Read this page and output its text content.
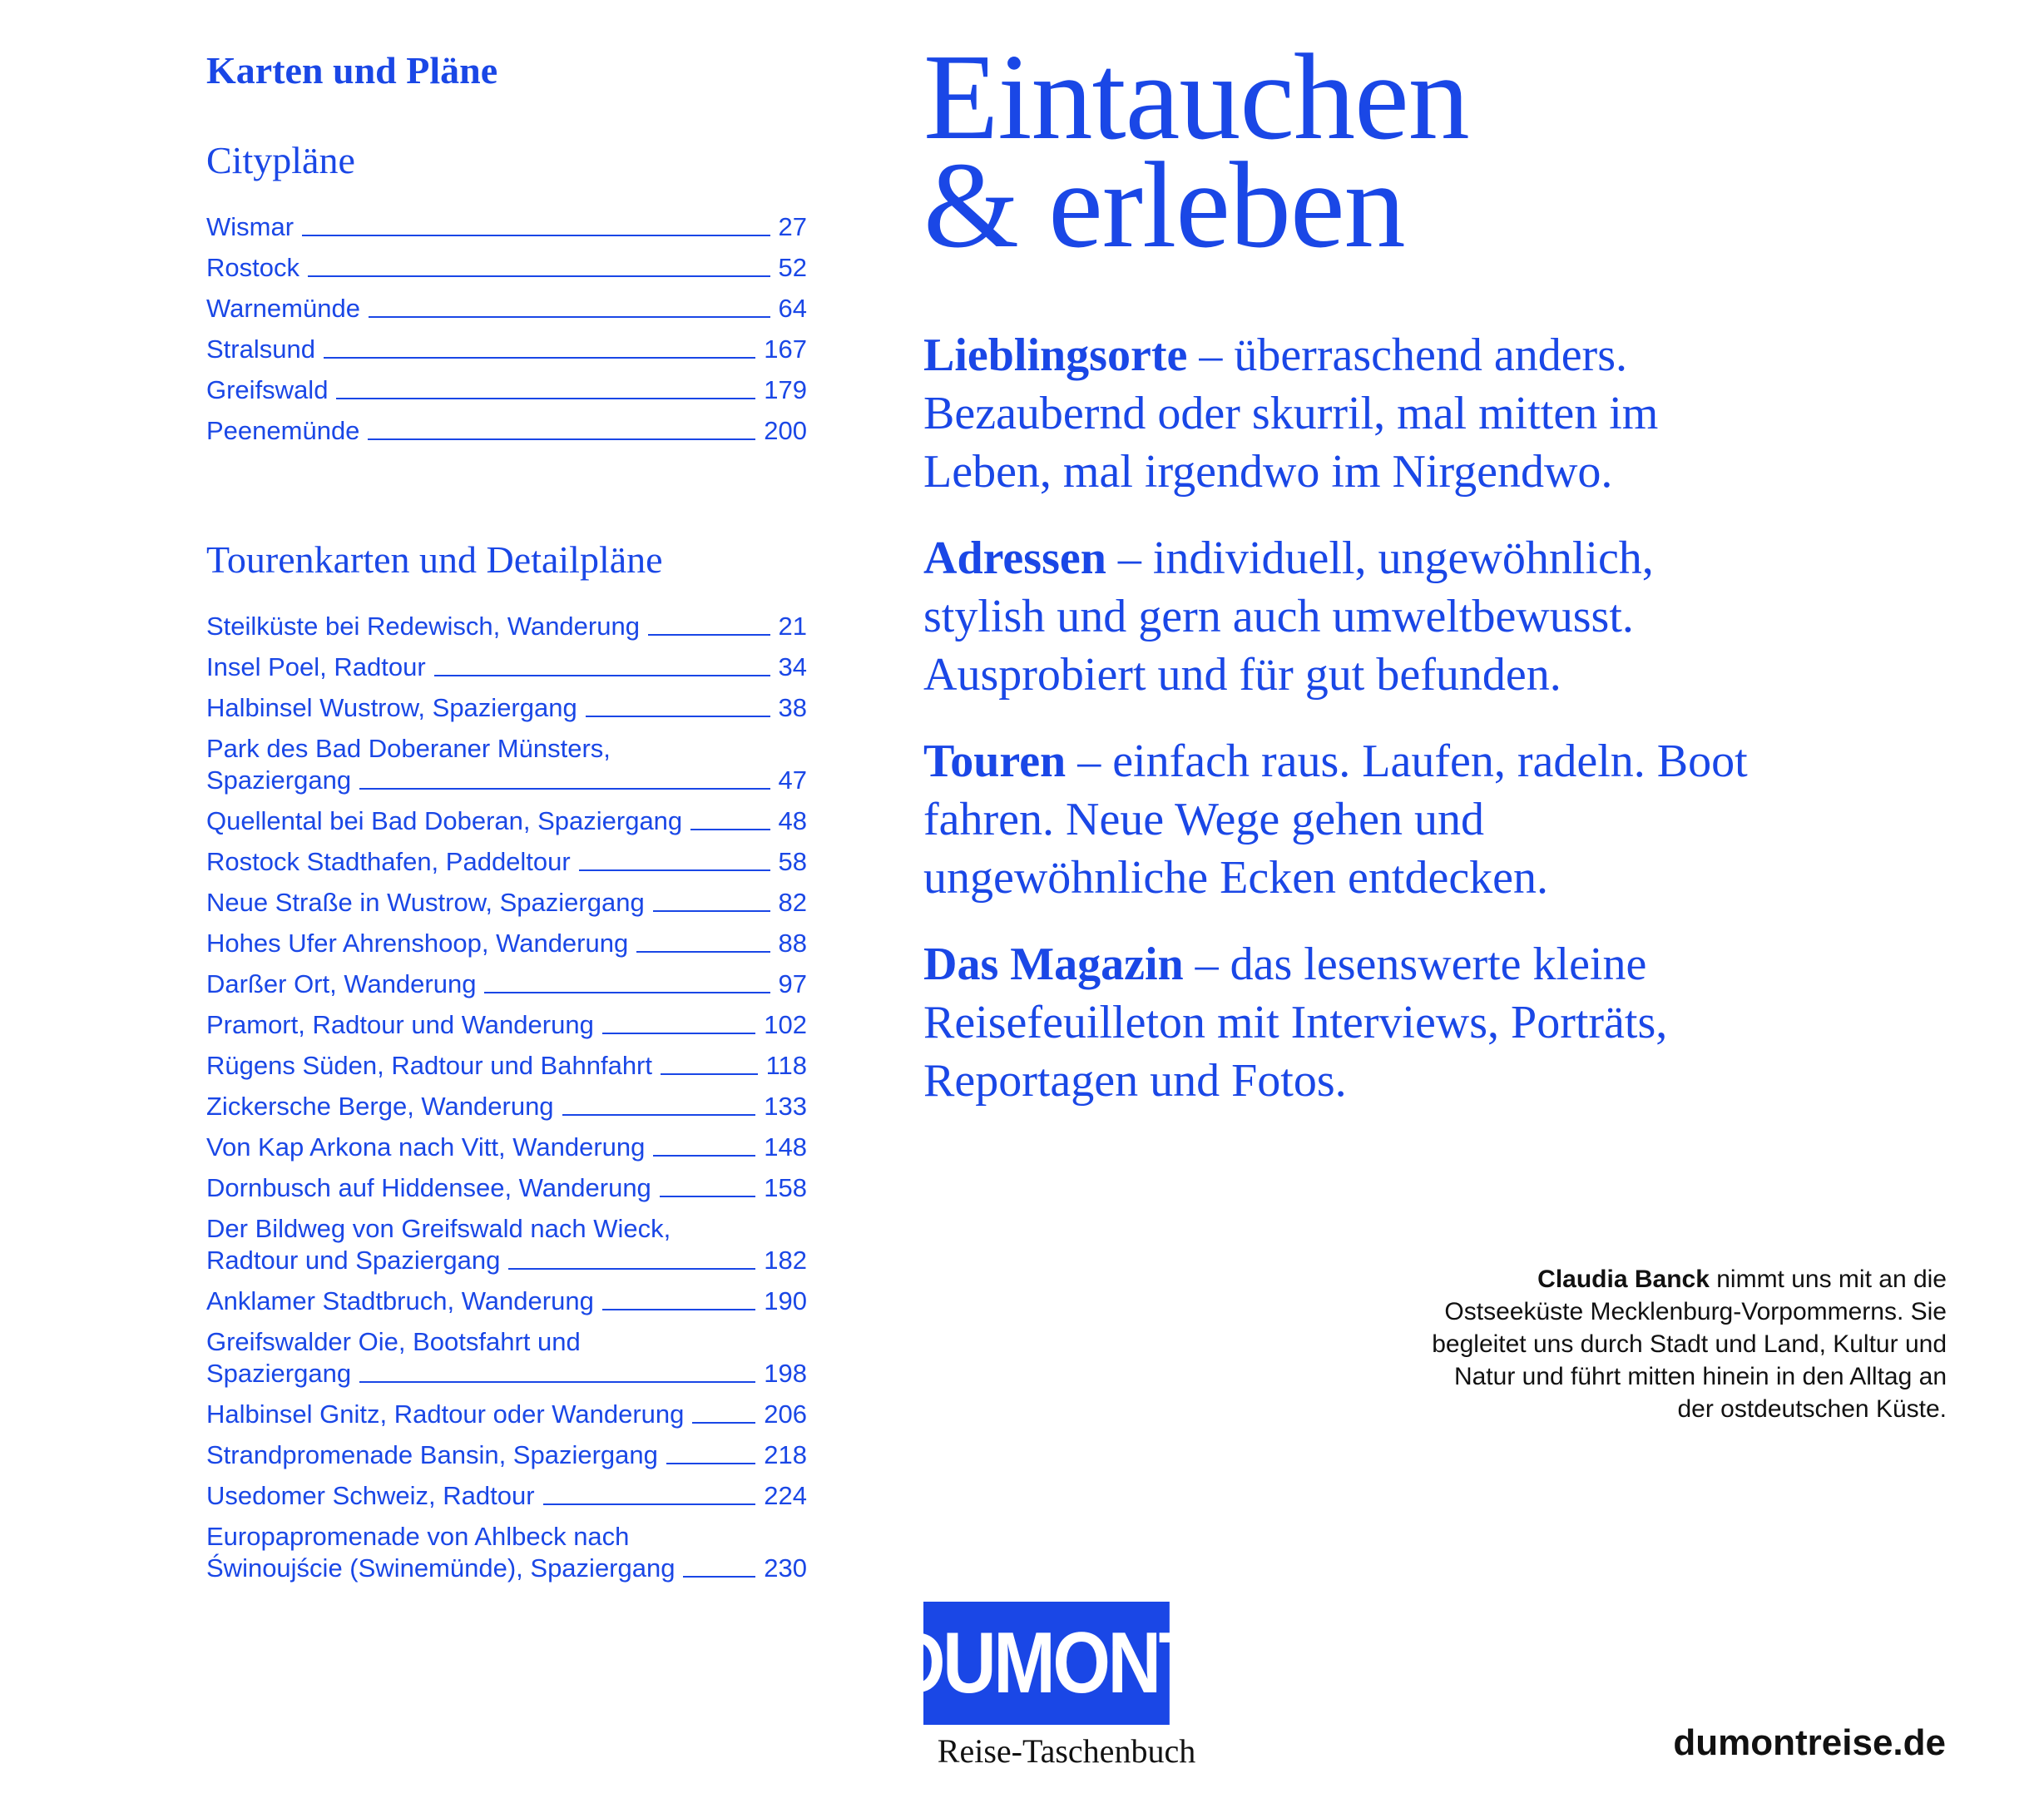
Karten und Pläne
Citypläne
Wismar	27
Rostock	52
Warnemünde	64
Stralsund	167
Greifswald	179
Peenemünde	200
Tourenkarten und Detailpläne
Steilküste bei Redewisch, Wanderung	21
Insel Poel, Radtour	34
Halbinsel Wustrow, Spaziergang	38
Park des Bad Doberaner Münsters,
Spaziergang	47
Quellental bei Bad Doberan, Spaziergang	48
Rostock Stadthafen, Paddeltour	58
Neue Straße in Wustrow, Spaziergang	82
Hohes Ufer Ahrenshoop, Wanderung	88
Darßer Ort, Wanderung	97
Pramort, Radtour und Wanderung	102
Rügens Süden, Radtour und Bahnfahrt	118
Zickersche Berge, Wanderung	133
Von Kap Arkona nach Vitt, Wanderung	148
Dornbusch auf Hiddensee, Wanderung	158
Der Bildweg von Greifswald nach Wieck,
Radtour und Spaziergang	182
Anklamer Stadtbruch, Wanderung	190
Greifswalder Oie, Bootsfahrt und
Spaziergang	198
Halbinsel Gnitz, Radtour oder Wanderung	206
Strandpromenade Bansin, Spaziergang	218
Usedomer Schweiz, Radtour	224
Europapromenade von Ahlbeck nach
Świnoujście (Swinemünde), Spaziergang	230
Eintauchen
& erleben

Lieblingsorte – überraschend anders. Bezaubernd oder skurril, mal mitten im Leben, mal irgendwo im Nirgendwo.

Adressen – individuell, ungewöhnlich, stylish und gern auch umweltbewusst. Ausprobiert und für gut befunden.

Touren – einfach raus. Laufen, radeln. Boot fahren. Neue Wege gehen und ungewöhnliche Ecken entdecken.

Das Magazin – das lesenswerte kleine Reisefeuilleton mit Interviews, Porträts, Reportagen und Fotos.

Claudia Banck nimmt uns mit an die Ostseeküste Mecklenburg-Vorpommerns. Sie begleitet uns durch Stadt und Land, Kultur und Natur und führt mitten hinein in den Alltag an der ostdeutschen Küste.
DUMONT
Reise-Taschenbuch	dumontreise.de
